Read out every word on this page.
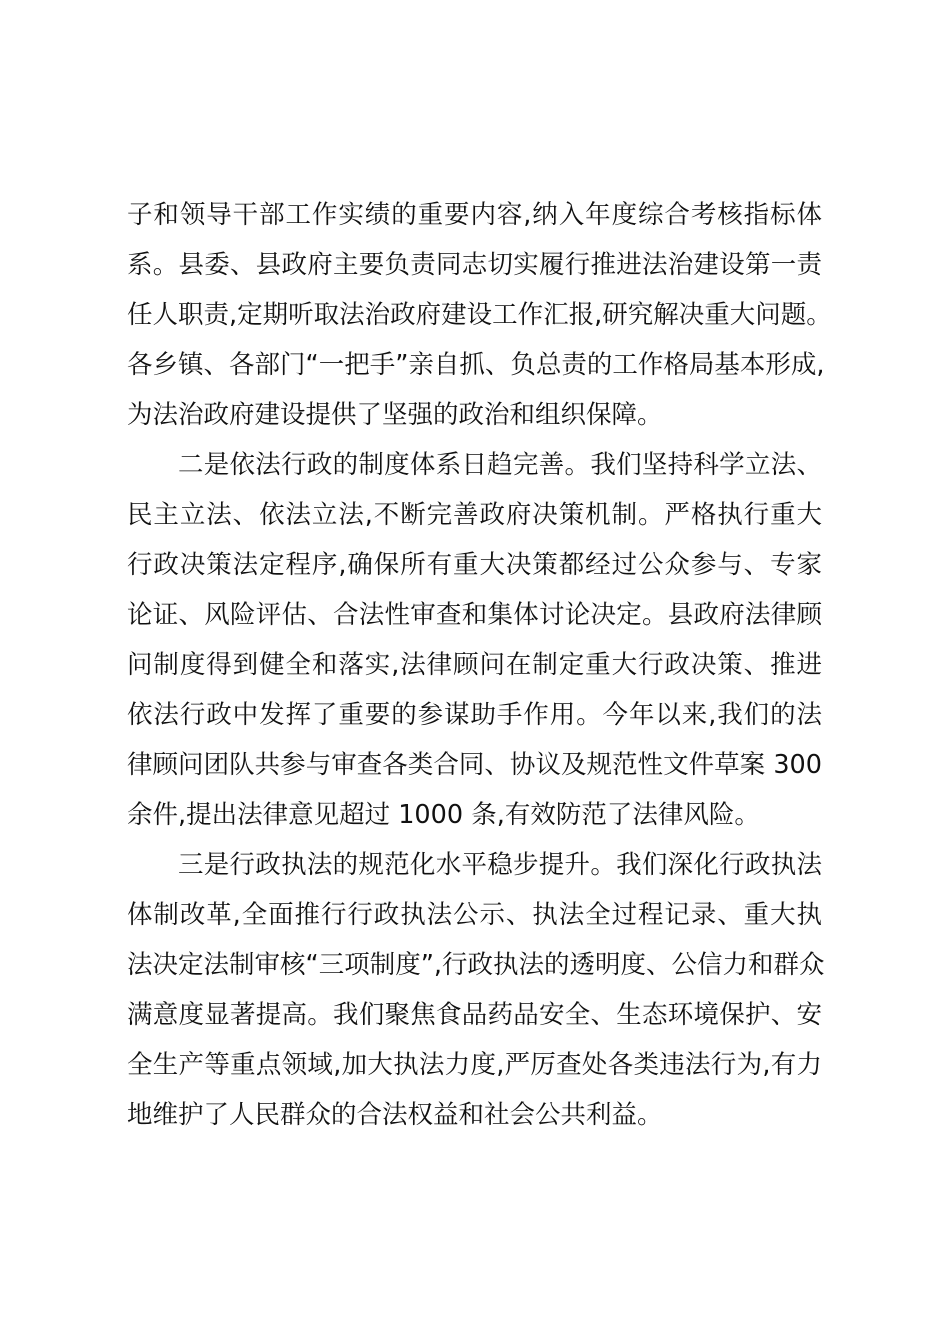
子和领导干部工作实绩的重要内容,纳入年度综合考核指标体
系。县委、县政府主要负责同志切实履行推进法治建设第一责
任人职责,定期听取法治政府建设工作汇报,研究解决重大问题。
各乡镇、各部门“一把手”亲自抓、负总责的工作格局基本形成,
为法治政府建设提供了坚强的政治和组织保障。
二是依法行政的制度体系日趋完善。我们坚持科学立法、
民主立法、依法立法,不断完善政府决策机制。严格执行重大
行政决策法定程序,确保所有重大决策都经过公众参与、专家
论证、风险评估、合法性审查和集体讨论决定。县政府法律顾
问制度得到健全和落实,法律顾问在制定重大行政决策、推进
依法行政中发挥了重要的参谋助手作用。今年以来,我们的法
律顾问团队共参与审查各类合同、协议及规范性文件草案 300
余件,提出法律意见超过 1000 条,有效防范了法律风险。
三是行政执法的规范化水平稳步提升。我们深化行政执法
体制改革,全面推行行政执法公示、执法全过程记录、重大执
法决定法制审核“三项制度”,行政执法的透明度、公信力和群众
满意度显著提高。我们聚焦食品药品安全、生态环境保护、安
全生产等重点领域,加大执法力度,严厉查处各类违法行为,有力
地维护了人民群众的合法权益和社会公共利益。
